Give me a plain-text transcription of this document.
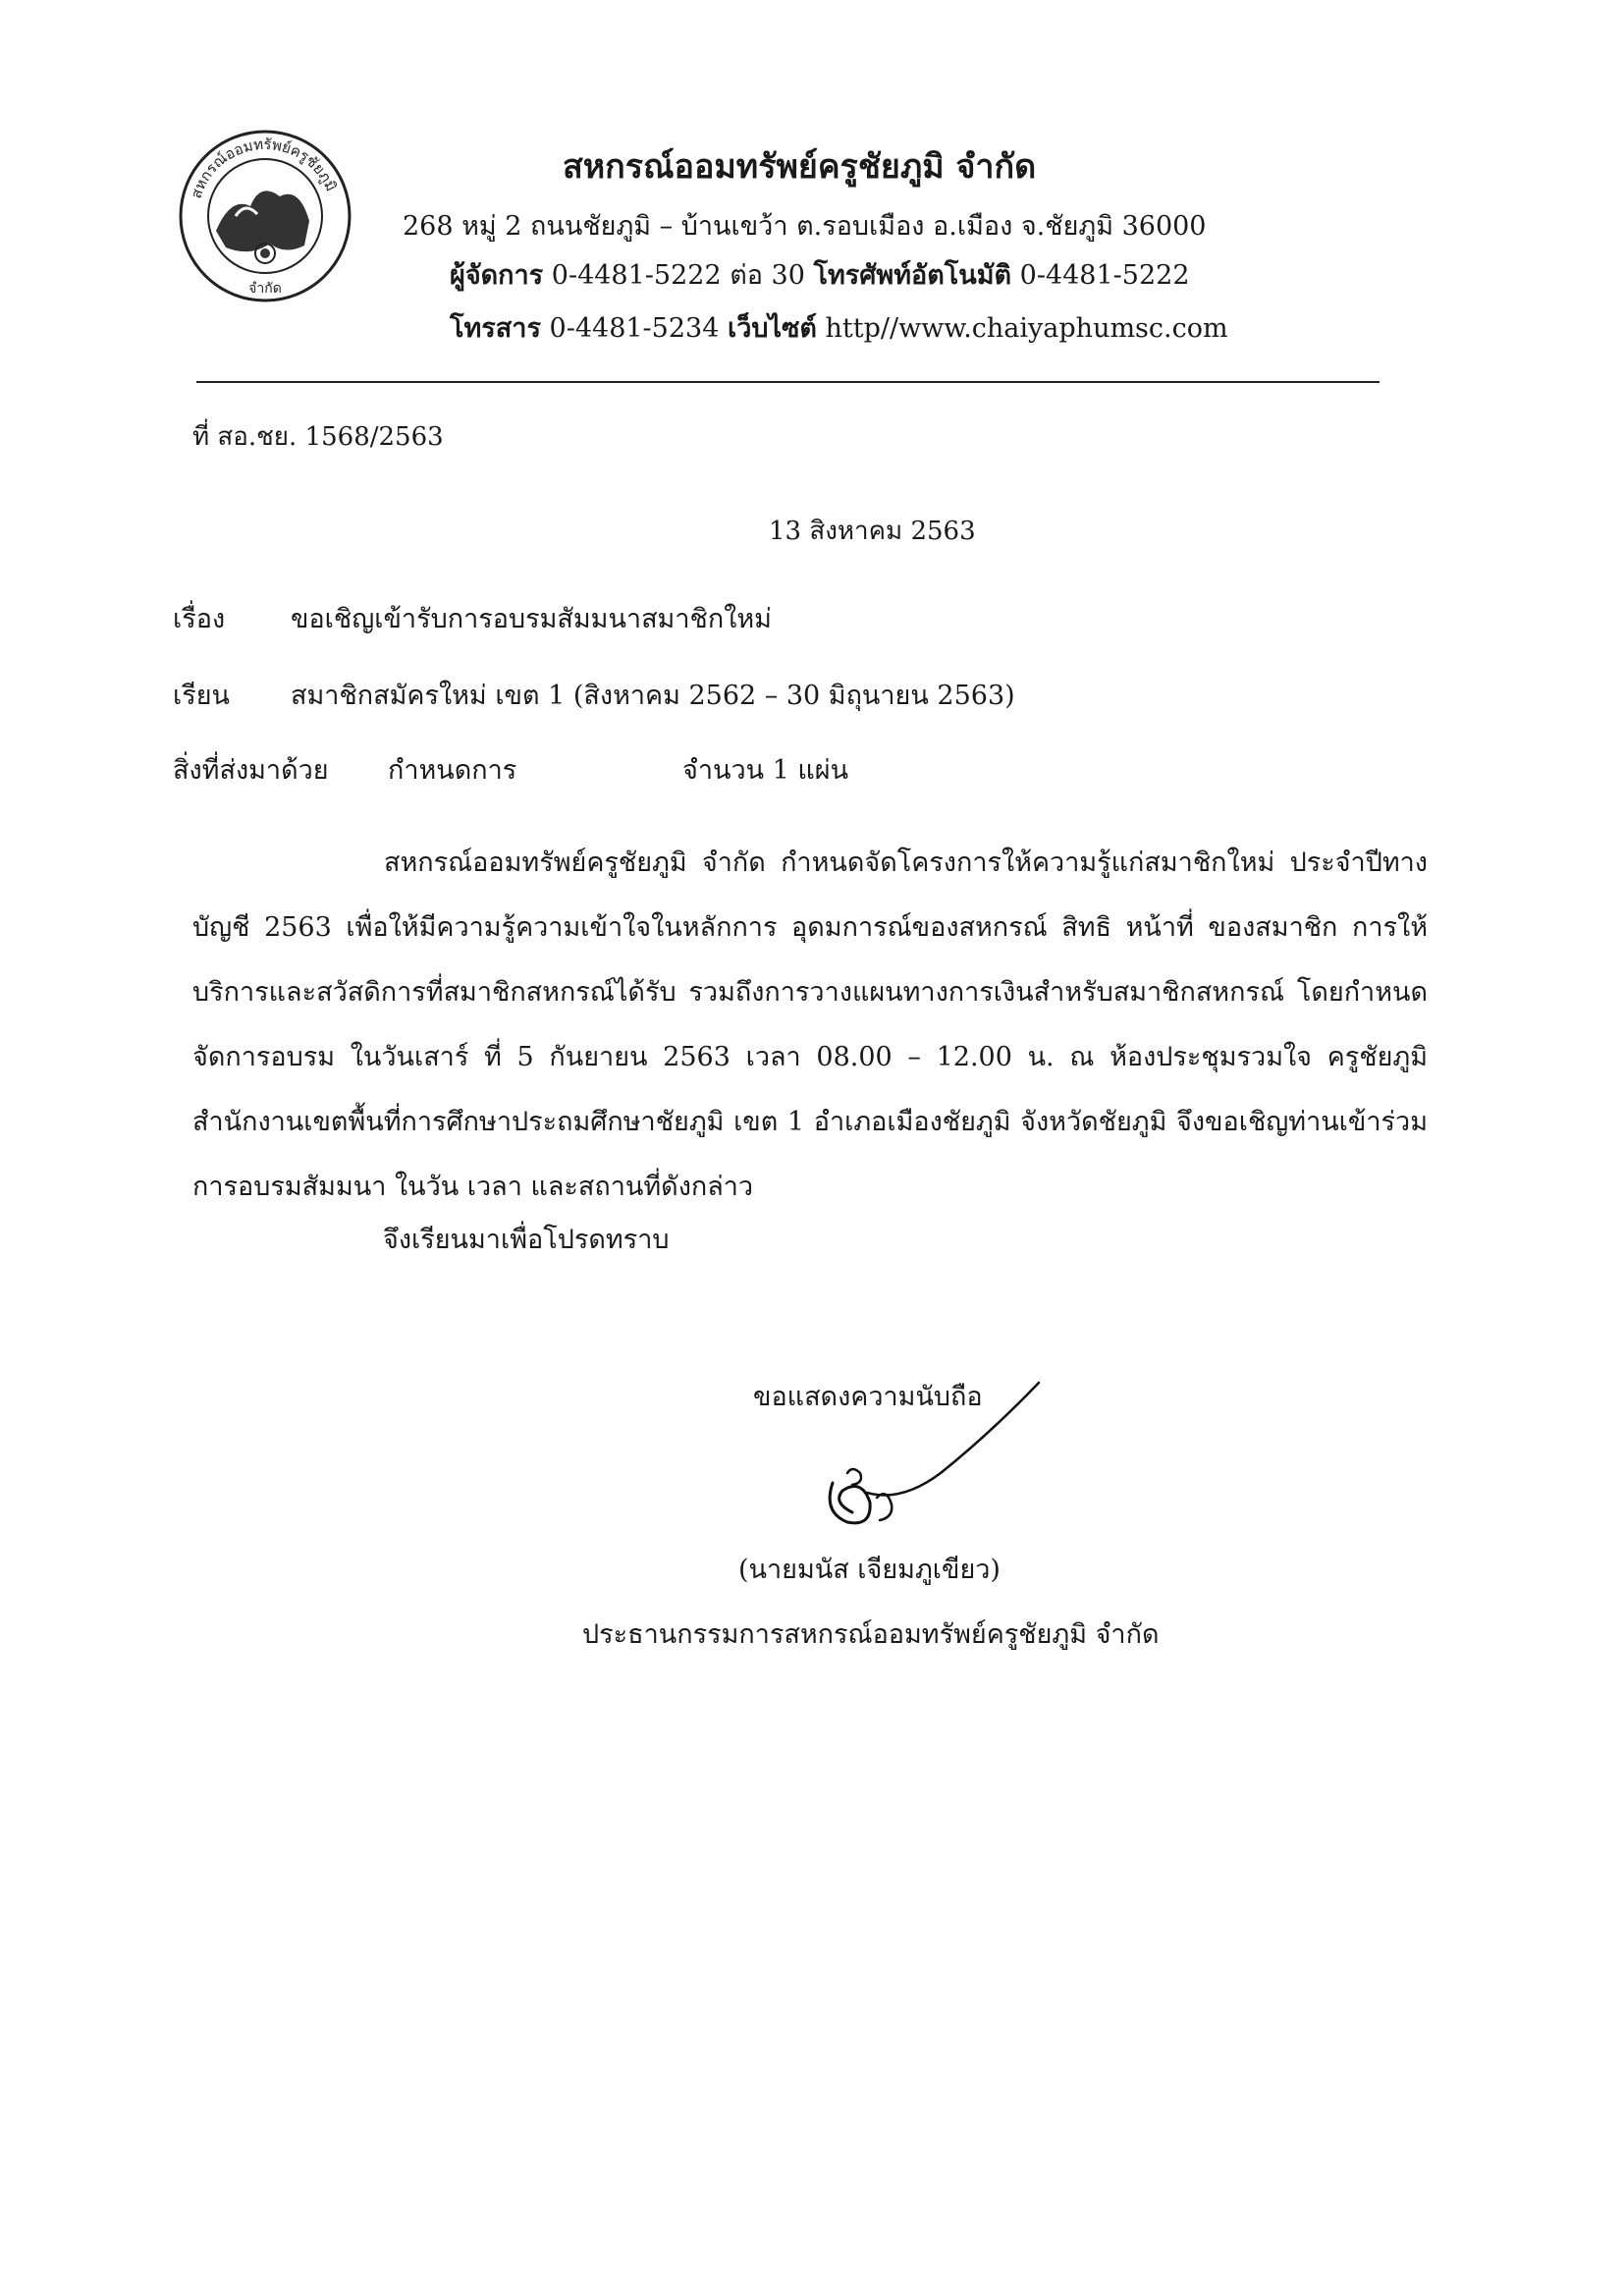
สหกรณ์ออมทรัพย์ครูชัยภูมิ
จำกัด
สหกรณ์ออมทรัพย์ครูชัยภูมิ จำกัด
268 หมู่ 2 ถนนชัยภูมิ – บ้านเขว้า ต.รอบเมือง อ.เมือง จ.ชัยภูมิ 36000
ผู้จัดการ 0-4481-5222 ต่อ 30 โทรศัพท์อัตโนมัติ 0-4481-5222
โทรสาร 0-4481-5234 เว็บไซต์ http//www.chaiyaphumsc.com
ที่ สอ.ชย. 1568/2563
13 สิงหาคม 2563
เรื่อง ขอเชิญเข้ารับการอบรมสัมมนาสมาชิกใหม่
เรียน สมาชิกสมัครใหม่ เขต 1 (สิงหาคม 2562 – 30 มิถุนายน 2563)
สิ่งที่ส่งมาด้วย กำหนดการ	จำนวน 1 แผ่น
สหกรณ์ออมทรัพย์ครูชัยภูมิ จำกัด กำหนดจัดโครงการให้ความรู้แก่สมาชิกใหม่ ประจำปีทางบัญชี 2563 เพื่อให้มีความรู้ความเข้าใจในหลักการ อุดมการณ์ของสหกรณ์ สิทธิ หน้าที่ ของสมาชิก การให้บริการและสวัสดิการที่สมาชิกสหกรณ์ได้รับ รวมถึงการวางแผนทางการเงินสำหรับสมาชิกสหกรณ์ โดยกำหนดจัดการอบรม ในวันเสาร์ ที่ 5 กันยายน 2563 เวลา 08.00 – 12.00 น. ณ ห้องประชุมรวมใจ ครูชัยภูมิ สำนักงานเขตพื้นที่การศึกษาประถมศึกษาชัยภูมิ เขต 1 อำเภอเมืองชัยภูมิ จังหวัดชัยภูมิ จึงขอเชิญท่านเข้าร่วมการอบรมสัมมนา ในวัน เวลา และสถานที่ดังกล่าว
จึงเรียนมาเพื่อโปรดทราบ
ขอแสดงความนับถือ
(นายมนัส เจียมภูเขียว)
ประธานกรรมการสหกรณ์ออมทรัพย์ครูชัยภูมิ จำกัด
